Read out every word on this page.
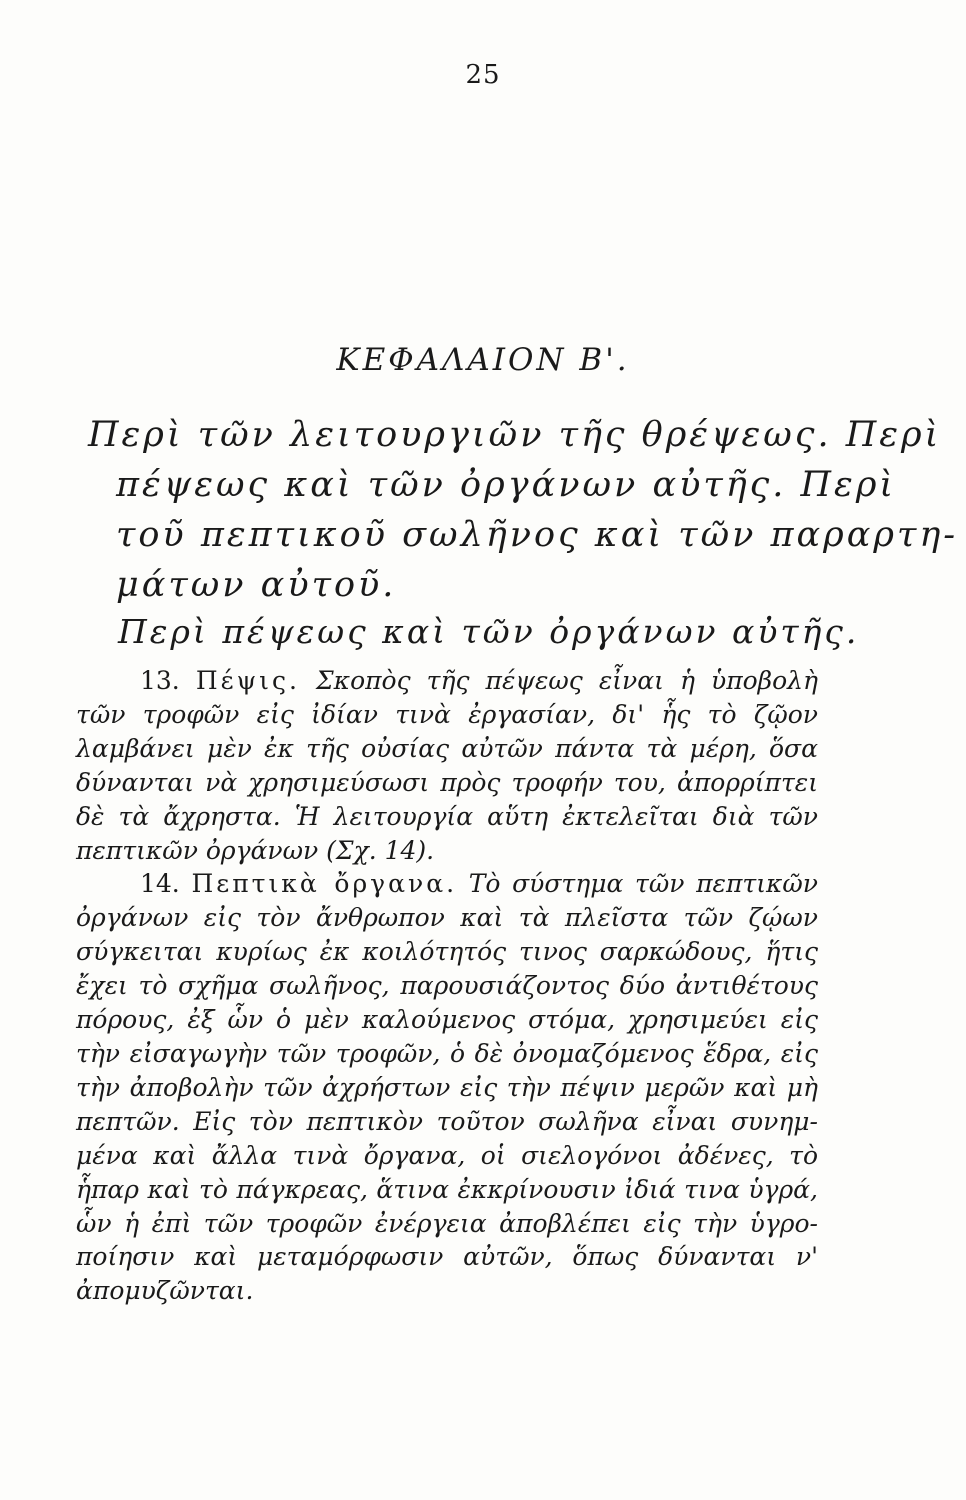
25
ΚΕΦΑΛΑΙΟΝ Β'.
Περὶ τῶν λειτουργιῶν τῆς θρέψεως. Περὶ
πέψεως καὶ τῶν ὀργάνων αὐτῆς. Περὶ
τοῦ πεπτικοῦ σωλῆνος καὶ τῶν παραρτη-
μάτων αὐτοῦ.
Περὶ πέψεως καὶ τῶν ὀργάνων αὐτῆς.
13. Πέψις. Σκοπὸς τῆς πέψεως εἶναι ἡ ὑποβολὴ
τῶν τροφῶν εἰς ἰδίαν τινὰ ἐργασίαν, δι' ἧς τὸ ζῷον
λαμβάνει μὲν ἐκ τῆς οὐσίας αὐτῶν πάντα τὰ μέρη, ὅσα
δύνανται νὰ χρησιμεύσωσι πρὸς τροφήν του, ἀπορρίπτει
δὲ τὰ ἄχρηστα. Ἡ λειτουργία αὕτη ἐκτελεῖται διὰ τῶν
πεπτικῶν ὀργάνων (Σχ. 14).
14. Πεπτικὰ ὄργανα. Τὸ σύστημα τῶν πεπτικῶν
ὀργάνων εἰς τὸν ἄνθρωπον καὶ τὰ πλεῖστα τῶν ζῴων
σύγκειται κυρίως ἐκ κοιλότητός τινος σαρκώδους, ἥτις
ἔχει τὸ σχῆμα σωλῆνος, παρουσιάζοντος δύο ἀντιθέτους
πόρους, ἐξ ὧν ὁ μὲν καλούμενος στόμα, χρησιμεύει εἰς
τὴν εἰσαγωγὴν τῶν τροφῶν, ὁ δὲ ὀνομαζόμενος ἕδρα, εἰς
τὴν ἀποβολὴν τῶν ἀχρήστων εἰς τὴν πέψιν μερῶν καὶ μὴ
πεπτῶν. Εἰς τὸν πεπτικὸν τοῦτον σωλῆνα εἶναι συνημ-
μένα καὶ ἄλλα τινὰ ὄργανα, οἱ σιελογόνοι ἀδένες, τὸ
ἧπαρ καὶ τὸ πάγκρεας, ἅτινα ἐκκρίνουσιν ἰδιά τινα ὑγρά,
ὧν ἡ ἐπὶ τῶν τροφῶν ἐνέργεια ἀποβλέπει εἰς τὴν ὑγρο-
ποίησιν καὶ μεταμόρφωσιν αὐτῶν, ὅπως δύνανται ν'
ἀπομυζῶνται.
